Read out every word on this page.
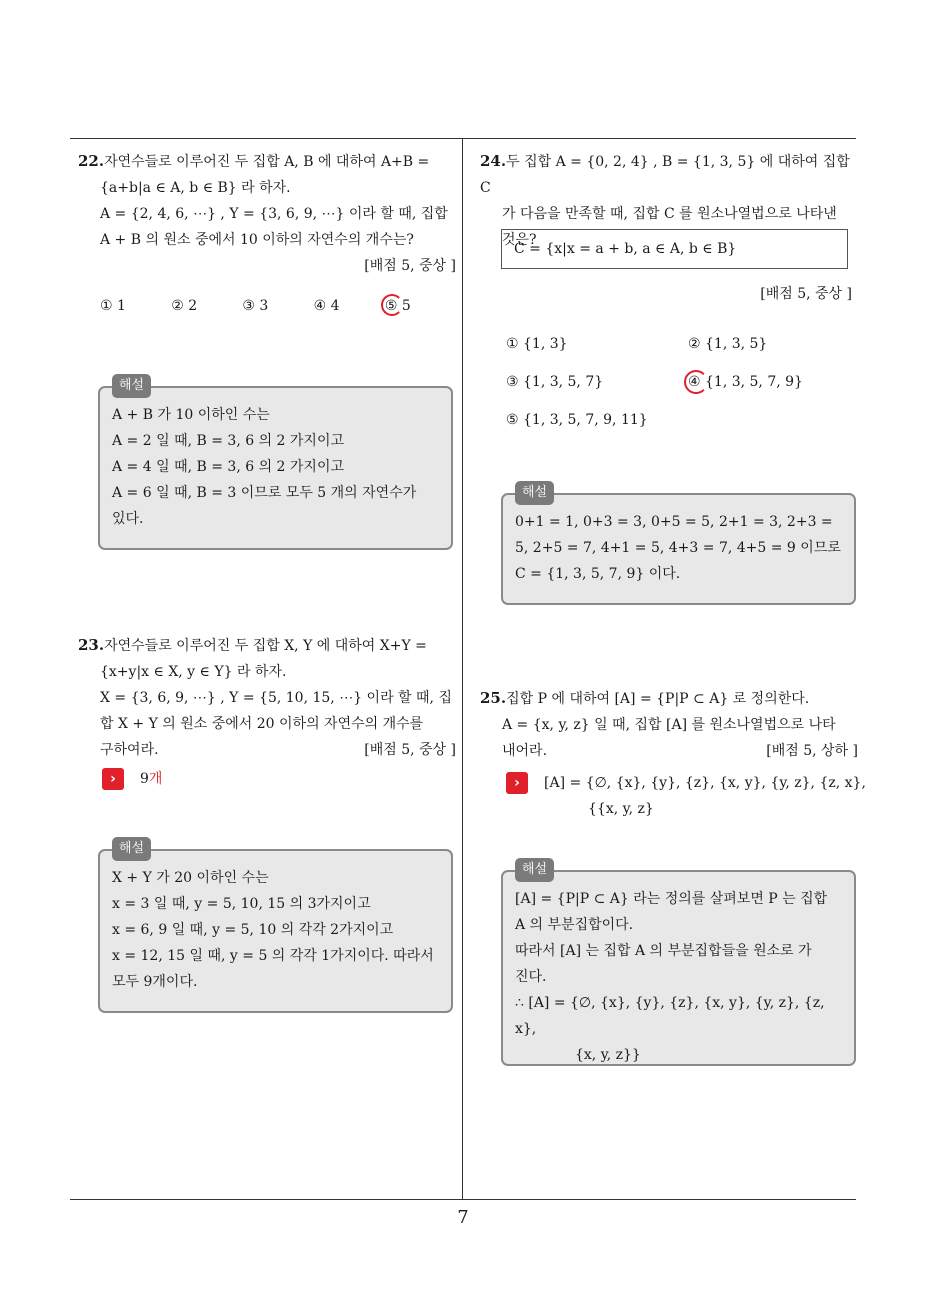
22.자연수들로 이루어진 두 집합 A, B 에 대하여 A+B =
{a+b|a ∈ A, b ∈ B} 라 하자.
A = {2, 4, 6, ⋯} , Y = {3, 6, 9, ⋯} 이라 할 때, 집합
A + B 의 원소 중에서 10 이하의 자연수의 개수는?
[배점 5, 중상 ]
① 1	② 2	③ 3	④ 4	⑤ 5
해설
A + B 가 10 이하인 수는
A = 2 일 때, B = 3, 6 의 2 가지이고
A = 4 일 때, B = 3, 6 의 2 가지이고
A = 6 일 때, B = 3 이므로 모두 5 개의 자연수가
있다.
23.자연수들로 이루어진 두 집합 X, Y 에 대하여 X+Y =
{x+y|x ∈ X, y ∈ Y} 라 하자.
X = {3, 6, 9, ⋯} , Y = {5, 10, 15, ⋯} 이라 할 때, 집
합 X + Y 의 원소 중에서 20 이하의 자연수의 개수를
구하여라.	[배점 5, 중상 ]
›	9개
해설
X + Y 가 20 이하인 수는
x = 3 일 때, y = 5, 10, 15 의 3가지이고
x = 6, 9 일 때, y = 5, 10 의 각각 2가지이고
x = 12, 15 일 때, y = 5 의 각각 1가지이다. 따라서
모두 9개이다.
24.두 집합 A = {0, 2, 4} , B = {1, 3, 5} 에 대하여 집합 C
가 다음을 만족할 때, 집합 C 를 원소나열법으로 나타낸
것은?
C = {x|x = a + b, a ∈ A, b ∈ B}
[배점 5, 중상 ]
① {1, 3}	② {1, 3, 5}
③ {1, 3, 5, 7}	④ {1, 3, 5, 7, 9}
⑤ {1, 3, 5, 7, 9, 11}
해설
0+1 = 1, 0+3 = 3, 0+5 = 5, 2+1 = 3, 2+3 =
5, 2+5 = 7, 4+1 = 5, 4+3 = 7, 4+5 = 9 이므로
C = {1, 3, 5, 7, 9} 이다.
25.집합 P 에 대하여 [A] = {P|P ⊂ A} 로 정의한다.
A = {x, y, z} 일 때, 집합 [A] 를 원소나열법으로 나타
내어라.	[배점 5, 상하 ]
›	[A] = {∅, {x}, {y}, {z}, {x, y}, {y, z}, {z, x},
{{x, y, z}
해설
[A] = {P|P ⊂ A} 라는 정의를 살펴보면 P 는 집합
A 의 부분집합이다.
따라서 [A] 는 집합 A 의 부분집합들을 원소로 가
진다.
∴ [A] = {∅, {x}, {y}, {z}, {x, y}, {y, z}, {z, x},
{x, y, z}}
7
